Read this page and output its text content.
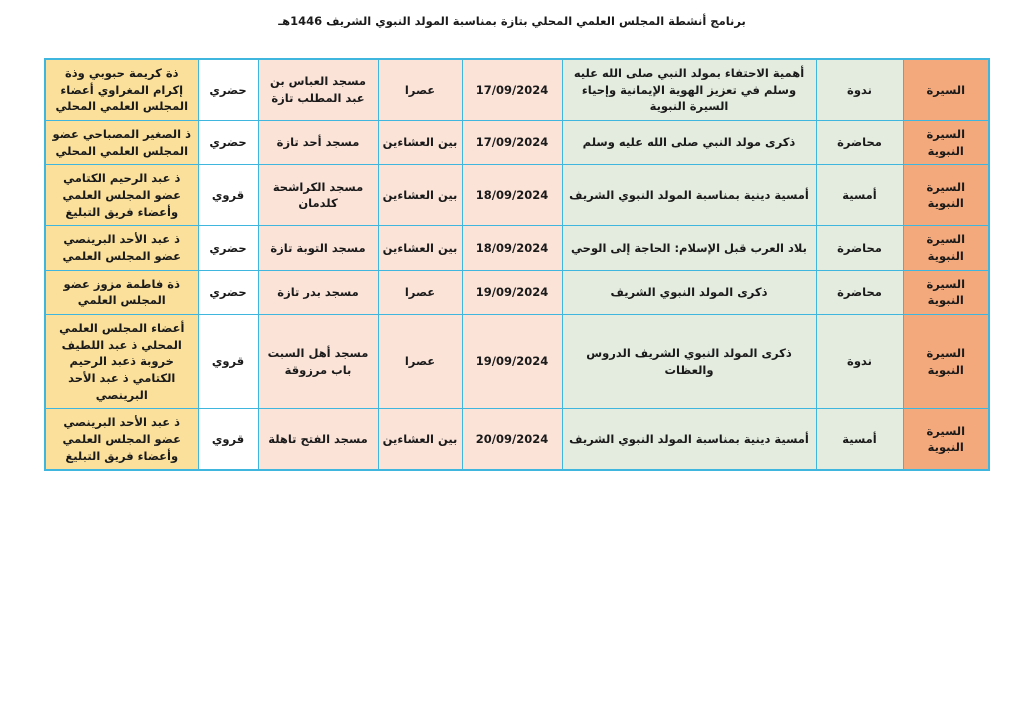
برنامج أنشطة المجلس العلمي المحلي بتازة بمناسبة المولد النبوي الشريف 1446هـ
السيرة	ندوة	أهمية الاحتفاء بمولد النبي صلى الله عليه وسلم في تعزيز الهوية الإيمانية وإحياء السيرة النبوية	17/09/2024	عصرا	مسجد العباس بن عبد المطلب تازة	حضري	ذة كريمة حبوبي وذة إكرام المغراوي أعضاء المجلس العلمي المحلي
السيرة النبوية	محاضرة	ذكرى مولد النبي صلى الله عليه وسلم	17/09/2024	بين العشاءين	مسجد أحد تازة	حضري	ذ الصغير المصباحي عضو المجلس العلمي المحلي
السيرة النبوية	أمسية	أمسية دينية بمناسبة المولد النبوي الشريف	18/09/2024	بين العشاءين	مسجد الكراشحة كلدمان	قروي	ذ عبد الرحيم الكتامي عضو المجلس العلمي وأعضاء فريق التبليغ
السيرة النبوية	محاضرة	بلاد العرب قبل الإسلام: الحاجة إلى الوحي	18/09/2024	بين العشاءين	مسجد التوبة تازة	حضري	ذ عبد الأحد البرينصي عضو المجلس العلمي
السيرة النبوية	محاضرة	ذكرى المولد النبوي الشريف	19/09/2024	عصرا	مسجد بدر تازة	حضري	ذة فاطمة مزوز عضو المجلس العلمي
السيرة النبوية	ندوة	ذكرى المولد النبوي الشريف الدروس والعظات	19/09/2024	عصرا	مسجد أهل السبت باب مرزوقة	قروي	أعضاء المجلس العلمي المحلي ذ عبد اللطيف خروبة ذعبد الرحيم الكتامي ذ عبد الأحد البرينصي
السيرة النبوية	أمسية	أمسية دينية بمناسبة المولد النبوي الشريف	20/09/2024	بين العشاءين	مسجد الفتح تاهلة	قروي	ذ عبد الأحد البرينصي عضو المجلس العلمي وأعضاء فريق التبليغ
